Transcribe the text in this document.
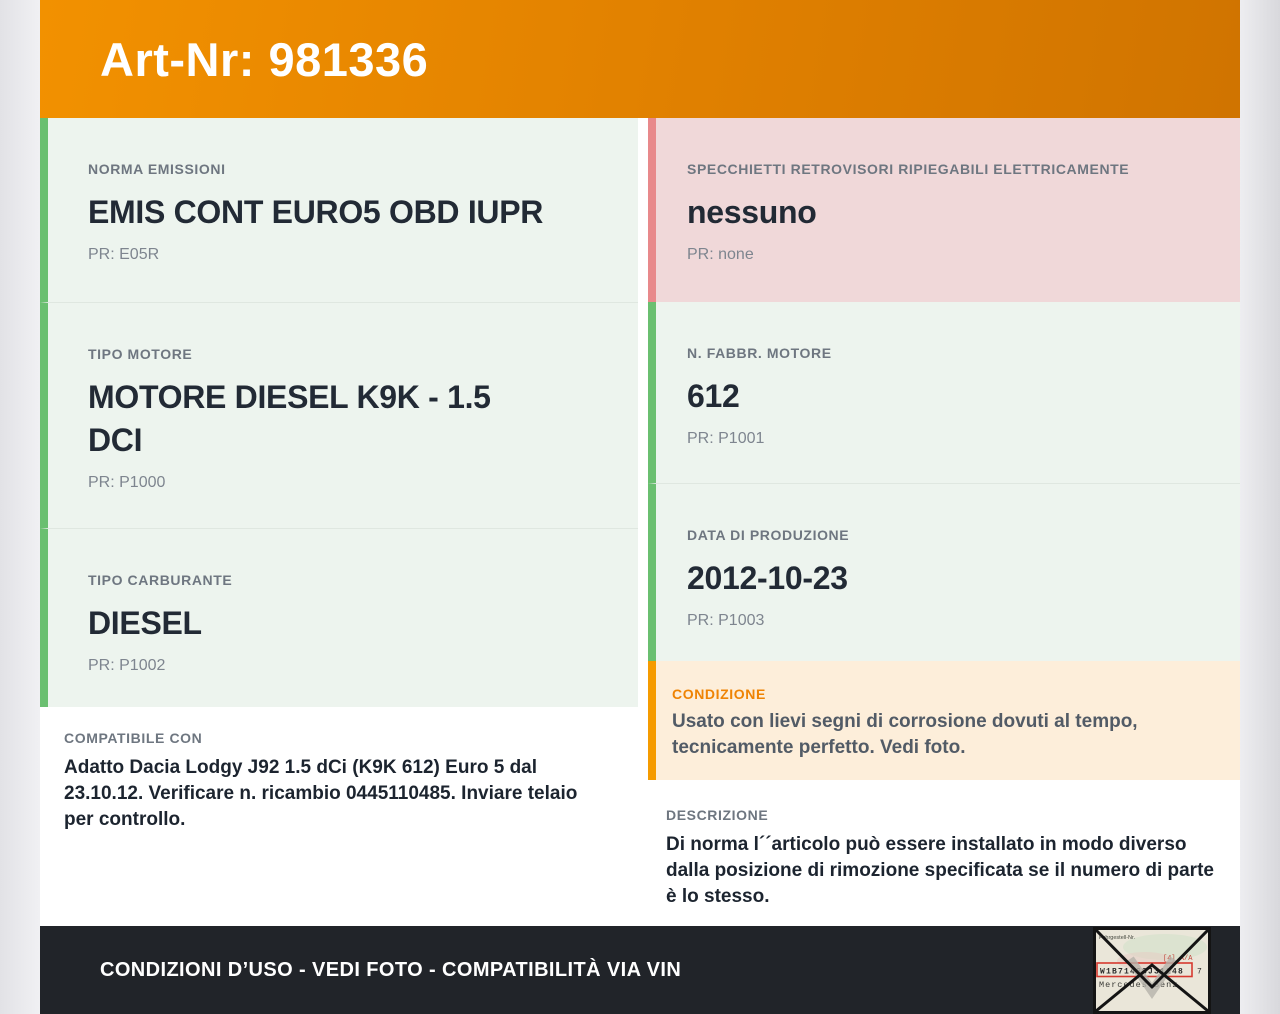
Art-Nr: 981336
NORMA EMISSIONI
EMIS CONT EURO5 OBD IUPR
PR: E05R
TIPO MOTORE
MOTORE DIESEL K9K - 1.5 DCI
PR: P1000
TIPO CARBURANTE
DIESEL
PR: P1002
COMPATIBILE CON
Adatto Dacia Lodgy J92 1.5 dCi (K9K 612) Euro 5 dal 23.10.12. Verificare n. ricambio 0445110485. Inviare telaio per controllo.
SPECCHIETTI RETROVISORI RIPIEGABILI ELETTRICAMENTE
nessuno
PR: none
N. FABBR. MOTORE
612
PR: P1001
DATA DI PRODUZIONE
2012-10-23
PR: P1003
CONDIZIONE
Usato con lievi segni di corrosione dovuti al tempo, tecnicamente perfetto. Vedi foto.
DESCRIZIONE
Di norma l´´articolo può essere installato in modo diverso dalla posizione di rimozione specificata se il numero di parte è lo stesso.
CONDIZIONI D’USO - VEDI FOTO - COMPATIBILITÀ VIA VIN
Fahrgestell-Nr.
[4] A/A
W1B71463J31248 7
Mercedes-Benz
